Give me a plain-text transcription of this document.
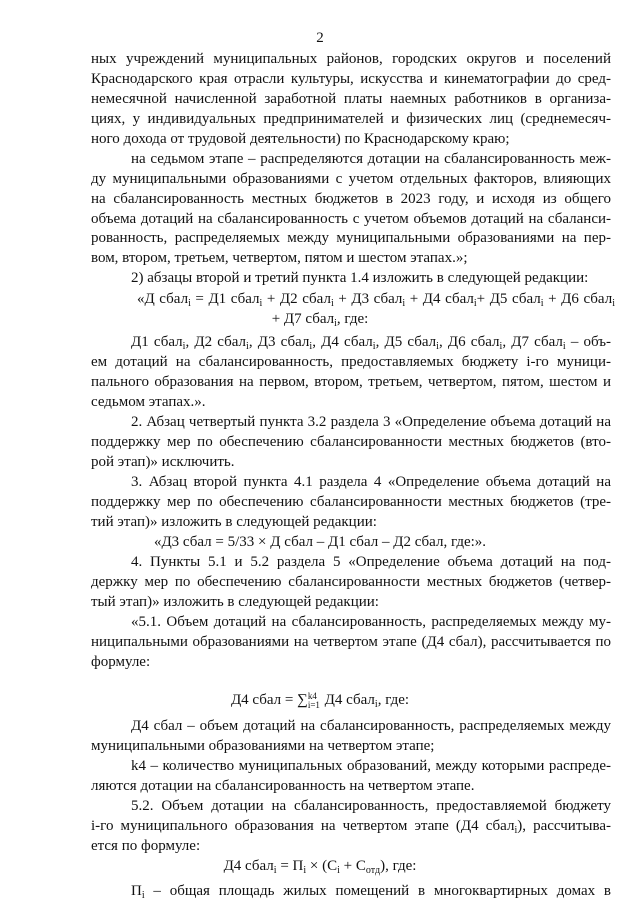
2
ных учреждений муниципальных районов, городских округов и поселений
Краснодарского края отрасли культуры, искусства и кинематографии до сред-
немесячной начисленной заработной платы наемных работников в организа-
циях, у индивидуальных предпринимателей и физических лиц (среднемесяч-
ного дохода от трудовой деятельности) по Краснодарскому краю;
на седьмом этапе – распределяются дотации на сбалансированность меж-
ду муниципальными образованиями с учетом отдельных факторов, влияющих
на сбалансированность местных бюджетов в 2023 году, и исходя из общего
объема дотаций на сбалансированность с учетом объемов дотаций на сбаланси-
рованность, распределяемых между муниципальными образованиями на пер-
вом, втором, третьем, четвертом, пятом и шестом этапах.»;
2) абзацы второй и третий пункта 1.4 изложить в следующей редакции:
«Д сбал$_i$ = Д1 сбал$_i$ + Д2 сбал$_i$ + Д3 сбал$_i$ + Д4 сбал$_i$+ Д5 сбал$_i$ + Д6 сбал$_i$
+ Д7 сбал$_i$, где:
Д1 сбал$_i$, Д2 сбал$_i$, Д3 сбал$_i$, Д4 сбал$_i$, Д5 сбал$_i$, Д6 сбал$_i$, Д7 сбал$_i$ – объ-
ем дотаций на сбалансированность, предоставляемых бюджету i-го муници-
пального образования на первом, втором, третьем, четвертом, пятом, шестом и
седьмом этапах.».
2. Абзац четвертый пункта 3.2 раздела 3 «Определение объема дотаций на
поддержку мер по обеспечению сбалансированности местных бюджетов (вто-
рой этап)» исключить.
3. Абзац второй пункта 4.1 раздела 4 «Определение объема дотаций на
поддержку мер по обеспечению сбалансированности местных бюджетов (тре-
тий этап)» изложить в следующей редакции:
«Д3 сбал = 5/33 × Д сбал – Д1 сбал – Д2 сбал, где:».
4. Пункты 5.1 и 5.2 раздела 5 «Определение объема дотаций на под-
держку мер по обеспечению сбалансированности местных бюджетов (четвер-
тый этап)» изложить в следующей редакции:
«5.1. Объем дотаций на сбалансированность, распределяемых между му-
ниципальными образованиями на четвертом этапе (Д4 сбал), рассчитывается по
формуле:
Д4 сбал = ∑ k4
i=1 Д4 сбал$_i$, где:
Д4 сбал – объем дотаций на сбалансированность, распределяемых между
муниципальными образованиями на четвертом этапе;
k4 – количество муниципальных образований, между которыми распреде-
ляются дотации на сбалансированность на четвертом этапе.
5.2. Объем дотации на сбалансированность, предоставляемой бюджету
i-го муниципального образования на четвертом этапе (Д4 сбал$_i$), рассчитыва-
ется по формуле:
Д4 сбал$_i$ = $П_i \times (С_i + С_{отд})$, где:
$П_i$ – общая площадь жилых помещений в многоквартирных домах в
